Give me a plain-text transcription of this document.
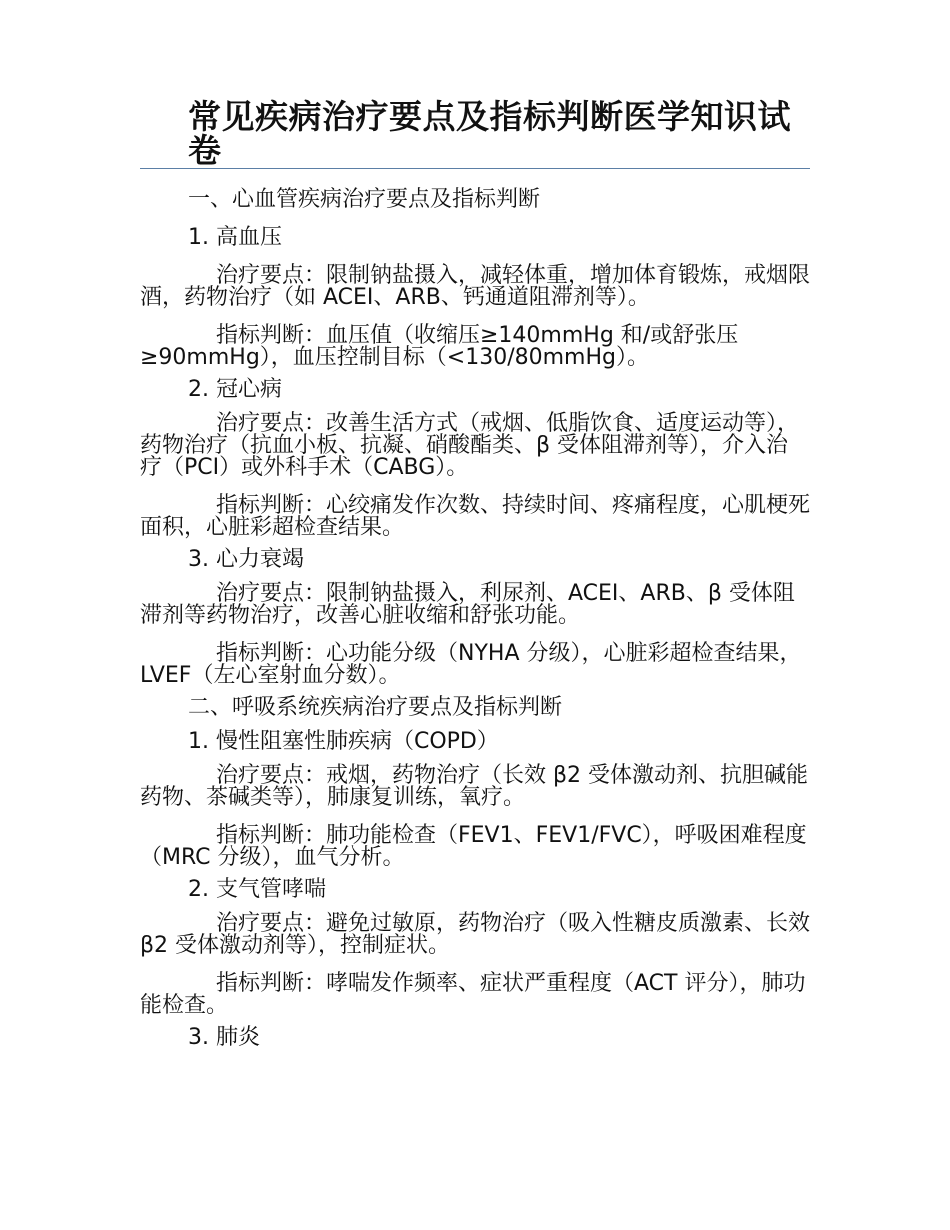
常见疾病治疗要点及指标判断医学知识试卷

一、心血管疾病治疗要点及指标判断

1. 高血压

治疗要点：限制钠盐摄入，减轻体重，增加体育锻炼，戒烟限酒，药物治疗（如 ACEI、ARB、钙通道阻滞剂等）。

指标判断：血压值（收缩压≥140mmHg 和/或舒张压≥90mmHg），血压控制目标（<130/80mmHg）。

2. 冠心病

治疗要点：改善生活方式（戒烟、低脂饮食、适度运动等），药物治疗（抗血小板、抗凝、硝酸酯类、β 受体阻滞剂等），介入治疗（PCI）或外科手术（CABG）。

指标判断：心绞痛发作次数、持续时间、疼痛程度，心肌梗死面积，心脏彩超检查结果。

3. 心力衰竭

治疗要点：限制钠盐摄入，利尿剂、ACEI、ARB、β 受体阻滞剂等药物治疗，改善心脏收缩和舒张功能。

指标判断：心功能分级（NYHA 分级），心脏彩超检查结果，LVEF（左心室射血分数）。

二、呼吸系统疾病治疗要点及指标判断

1. 慢性阻塞性肺疾病（COPD）

治疗要点：戒烟，药物治疗（长效 β2 受体激动剂、抗胆碱能药物、茶碱类等），肺康复训练，氧疗。

指标判断：肺功能检查（FEV1、FEV1/FVC），呼吸困难程度（MRC 分级），血气分析。

2. 支气管哮喘

治疗要点：避免过敏原，药物治疗（吸入性糖皮质激素、长效 β2 受体激动剂等），控制症状。

指标判断：哮喘发作频率、症状严重程度（ACT 评分），肺功能检查。

3. 肺炎
